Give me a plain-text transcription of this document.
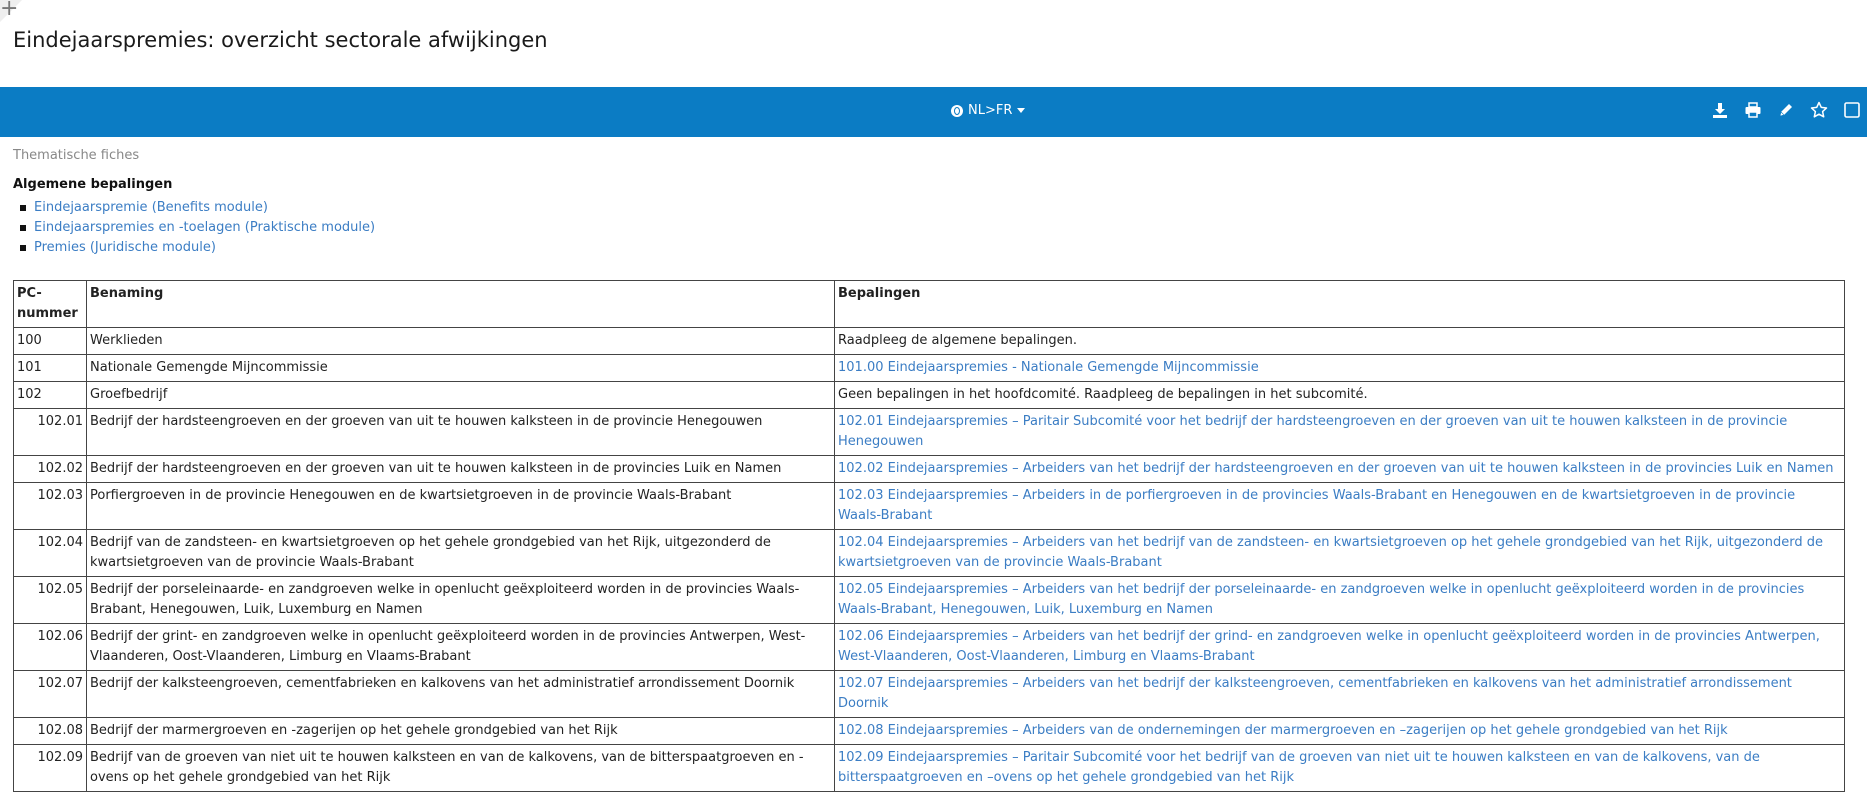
+
Eindejaarspremies: overzicht sectorale afwijkingen
NL>FR

Thematische fiches

Algemene bepalingen

Eindejaarspremie (Benefits module)
Eindejaarspremies en -toelagen (Praktische module)
Premies (Juridische module)
PC-nummer	Benaming	Bepalingen
100	Werklieden	Raadpleeg de algemene bepalingen.
101	Nationale Gemengde Mijncommissie	101.00 Eindejaarspremies - Nationale Gemengde Mijncommissie
102	Groefbedrijf	Geen bepalingen in het hoofdcomité. Raadpleeg de bepalingen in het subcomité.
102.01	Bedrijf der hardsteengroeven en der groeven van uit te houwen kalksteen in de provincie Henegouwen	102.01 Eindejaarspremies – Paritair Subcomité voor het bedrijf der hardsteengroeven en der groeven van uit te houwen kalksteen in de provincie Henegouwen
102.02	Bedrijf der hardsteengroeven en der groeven van uit te houwen kalksteen in de provincies Luik en Namen	102.02 Eindejaarspremies – Arbeiders van het bedrijf der hardsteengroeven en der groeven van uit te houwen kalksteen in de provincies Luik en Namen
102.03	Porfiergroeven in de provincie Henegouwen en de kwartsietgroeven in de provincie Waals-Brabant	102.03 Eindejaarspremies – Arbeiders in de porfiergroeven in de provincies Waals-Brabant en Henegouwen en de kwartsietgroeven in de provincie Waals-Brabant
102.04	Bedrijf van de zandsteen- en kwartsietgroeven op het gehele grondgebied van het Rijk, uitgezonderd de kwartsietgroeven van de provincie Waals-Brabant	102.04 Eindejaarspremies – Arbeiders van het bedrijf van de zandsteen- en kwartsietgroeven op het gehele grondgebied van het Rijk, uitgezonderd de kwartsietgroeven van de provincie Waals-Brabant
102.05	Bedrijf der porseleinaarde- en zandgroeven welke in openlucht geëxploiteerd worden in de provincies Waals-Brabant, Henegouwen, Luik, Luxemburg en Namen	102.05 Eindejaarspremies – Arbeiders van het bedrijf der porseleinaarde- en zandgroeven welke in openlucht geëxploiteerd worden in de provincies Waals-Brabant, Henegouwen, Luik, Luxemburg en Namen
102.06	Bedrijf der grint- en zandgroeven welke in openlucht geëxploiteerd worden in de provincies Antwerpen, West-Vlaanderen, Oost-Vlaanderen, Limburg en Vlaams-Brabant	102.06 Eindejaarspremies – Arbeiders van het bedrijf der grind- en zandgroeven welke in openlucht geëxploiteerd worden in de provincies Antwerpen, West-Vlaanderen, Oost-Vlaanderen, Limburg en Vlaams-Brabant
102.07	Bedrijf der kalksteengroeven, cementfabrieken en kalkovens van het administratief arrondissement Doornik	102.07 Eindejaarspremies – Arbeiders van het bedrijf der kalksteengroeven, cementfabrieken en kalkovens van het administratief arrondissement Doornik
102.08	Bedrijf der marmergroeven en -zagerijen op het gehele grondgebied van het Rijk	102.08 Eindejaarspremies – Arbeiders van de ondernemingen der marmergroeven en –zagerijen op het gehele grondgebied van het Rijk
102.09	Bedrijf van de groeven van niet uit te houwen kalksteen en van de kalkovens, van de bitterspaatgroeven en -ovens op het gehele grondgebied van het Rijk	102.09 Eindejaarspremies – Paritair Subcomité voor het bedrijf van de groeven van niet uit te houwen kalksteen en van de kalkovens, van de bitterspaatgroeven en –ovens op het gehele grondgebied van het Rijk
